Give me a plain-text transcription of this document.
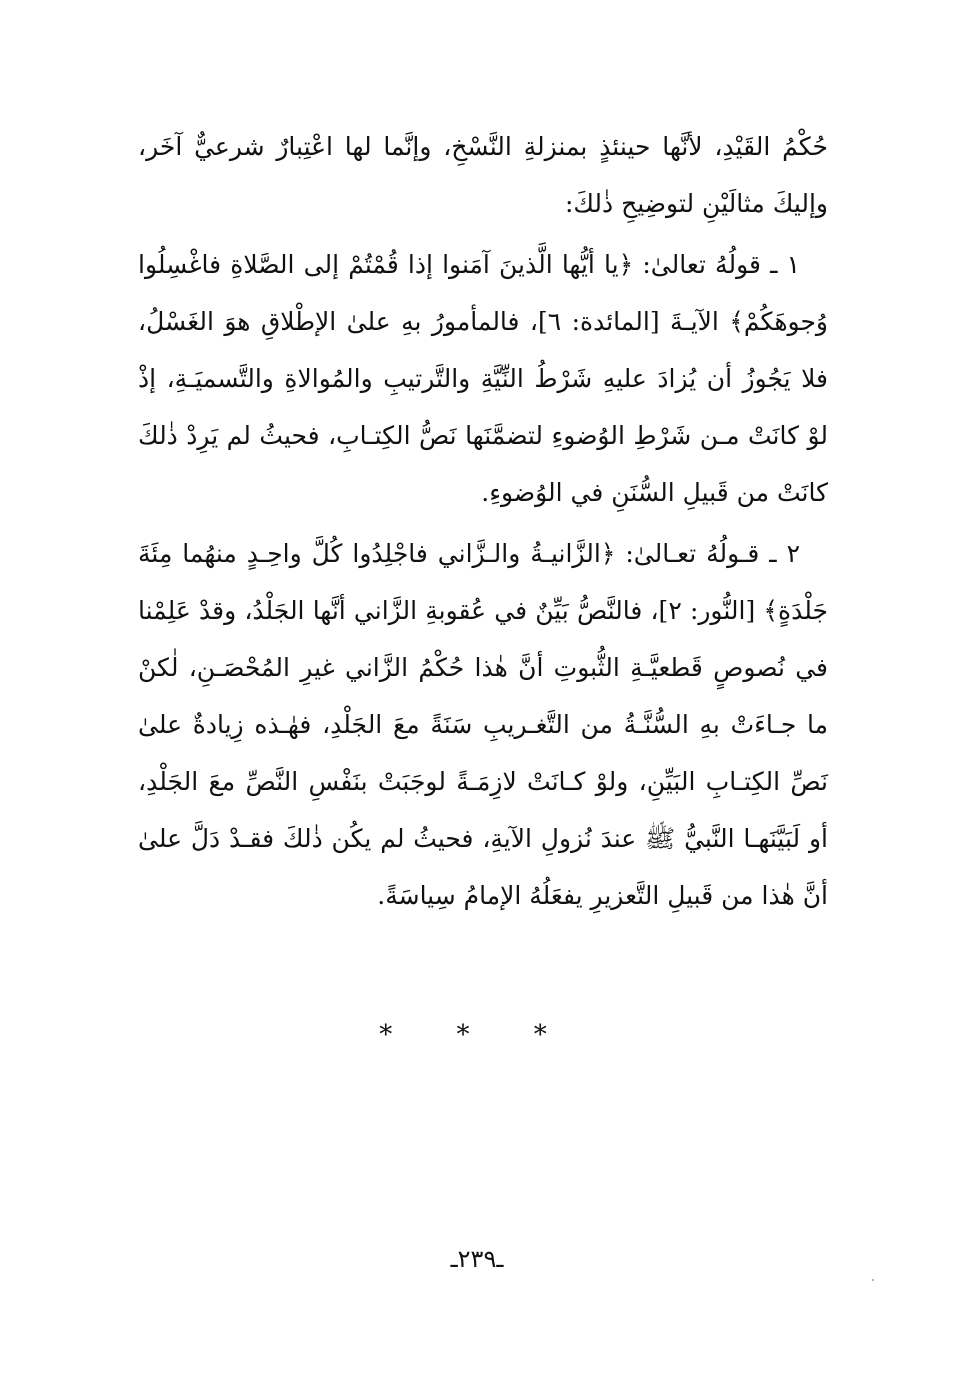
حُكْمُ القَيْدِ، لأنَّها حينئذٍ بمنزلةِ النَّسْخِ، وإنَّما لها اعْتِبارٌ شرعيٌّ آخَر، وإليكَ مثالَيْنِ لتوضِيحِ ذٰلكَ:

١ ـ قولُهُ تعالىٰ: ﴿يا أيُّها الَّذينَ آمَنوا إذا قُمْتُمْ إلى الصَّلاةِ فاغْسِلُوا وُجوهَكُمْ﴾ الآيـةَ [المائدة: ٦]، فالمأمورُ بهِ علىٰ الإطْلاقِ هوَ الغَسْلُ، فلا يَجُوزُ أن يُزادَ عليهِ شَرْطُ النِّيَّةِ والتَّرتيبِ والمُوالاةِ والتَّسميَـةِ، إذْ لوْ كانَتْ مـن شَرْطِ الوُضوءِ لتضمَّنَها نَصُّ الكِتـابِ، فحيثُ لم يَرِدْ ذٰلكَ كانَتْ من قَبيلِ السُّنَنِ في الوُضوءِ.

٢ ـ قـولُهُ تعـالىٰ: ﴿الزَّانيـةُ والـزَّاني فاجْلِدُوا كُلَّ واحِـدٍ منهُما مِئَةَ جَلْدَةٍ﴾ [النُّور: ٢]، فالنَّصُّ بَيِّنٌ في عُقوبةِ الزَّاني أنَّها الجَلْدُ، وقدْ عَلِمْنا في نُصوصٍ قَطعيَّـةِ الثُّبوتِ أنَّ هٰذا حُكْمُ الزَّاني غيرِ المُحْصَـنِ، لٰكنْ ما جـاءَتْ بهِ السُّنَّـةُ من التَّغـريبِ سَنَةً معَ الجَلْدِ، فهٰـذه زِيادةٌ علىٰ نَصِّ الكِتـابِ البَيِّنِ، ولوْ كـانَتْ لازِمَـةً لوجَبَتْ بنَفْسِ النَّصِّ معَ الجَلْدِ، أو لَبَيَّنَهـا النَّبيُّ ﷺ عندَ نُزولِ الآيةِ، فحيثُ لم يكُن ذٰلكَ فقـدْ دَلَّ علىٰ أنَّ هٰذا من قَبيلِ التَّعزيرِ يفعَلُهُ الإمامُ سِياسَةً.

* * *
ـ٢٣٩ـ
